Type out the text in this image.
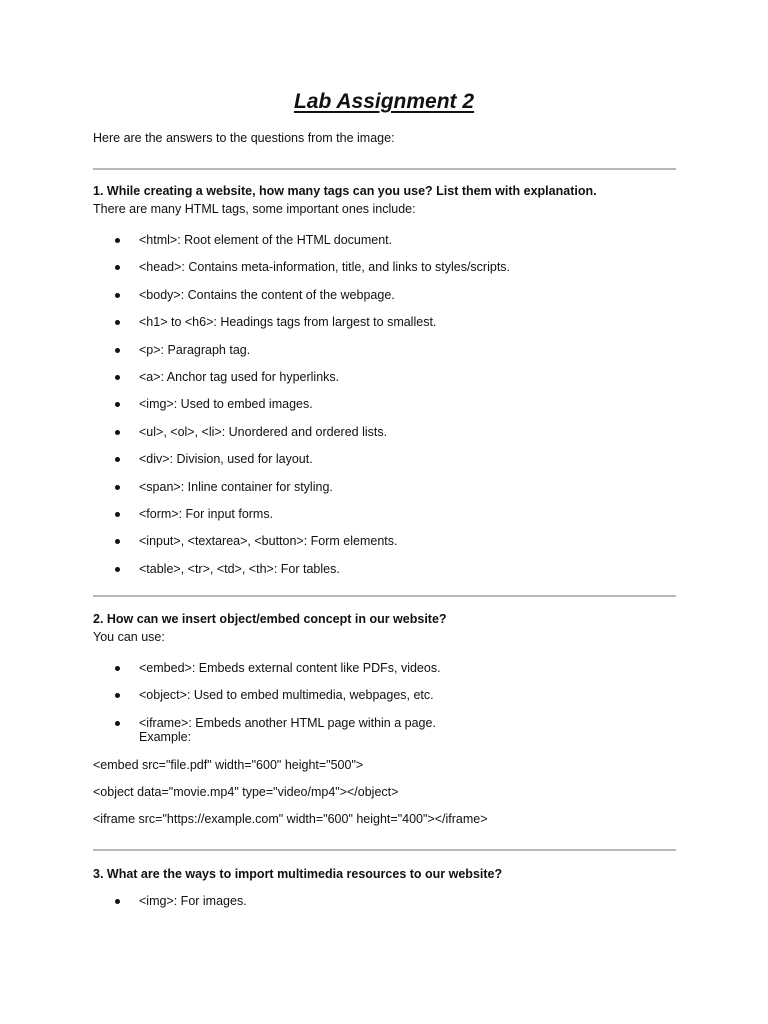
Lab Assignment 2
Here are the answers to the questions from the image:
1. While creating a website, how many tags can you use? List them with explanation.
There are many HTML tags, some important ones include:
<html>: Root element of the HTML document.
<head>: Contains meta-information, title, and links to styles/scripts.
<body>: Contains the content of the webpage.
<h1> to <h6>: Headings tags from largest to smallest.
<p>: Paragraph tag.
<a>: Anchor tag used for hyperlinks.
<img>: Used to embed images.
<ul>, <ol>, <li>: Unordered and ordered lists.
<div>: Division, used for layout.
<span>: Inline container for styling.
<form>: For input forms.
<input>, <textarea>, <button>: Form elements.
<table>, <tr>, <td>, <th>: For tables.
2. How can we insert object/embed concept in our website?
You can use:
<embed>: Embeds external content like PDFs, videos.
<object>: Used to embed multimedia, webpages, etc.
<iframe>: Embeds another HTML page within a page.
Example:
<embed src="file.pdf" width="600" height="500">
<object data="movie.mp4" type="video/mp4"></object>
<iframe src="https://example.com" width="600" height="400"></iframe>
3. What are the ways to import multimedia resources to our website?
<img>: For images.
